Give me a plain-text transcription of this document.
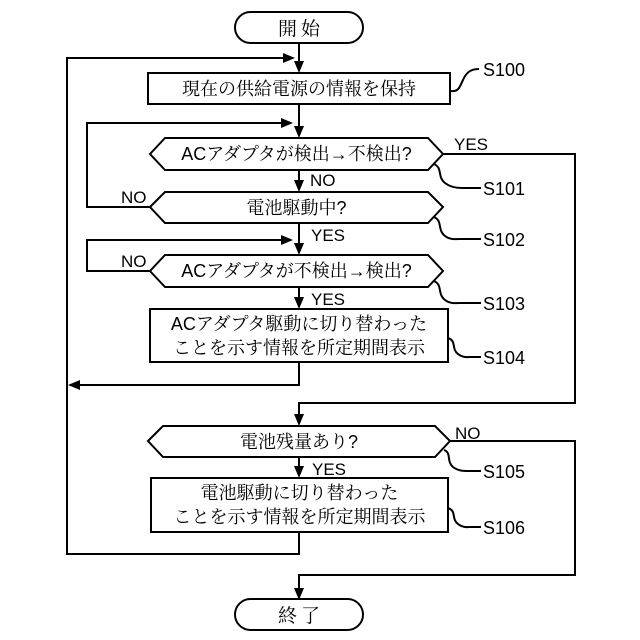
開始
現在の供給電源の情報を保持
ACアダプタが検出→不検出?
電池駆動中?
ACアダプタが不検出→検出?
ACアダプタ駆動に切り替わった
ことを示す情報を所定期間表示
電池残量あり?
電池駆動に切り替わった
ことを示す情報を所定期間表示
終了
YES
NO
NO
YES
NO
YES
NO
YES
S100
S101
S102
S103
S104
S105
S106
